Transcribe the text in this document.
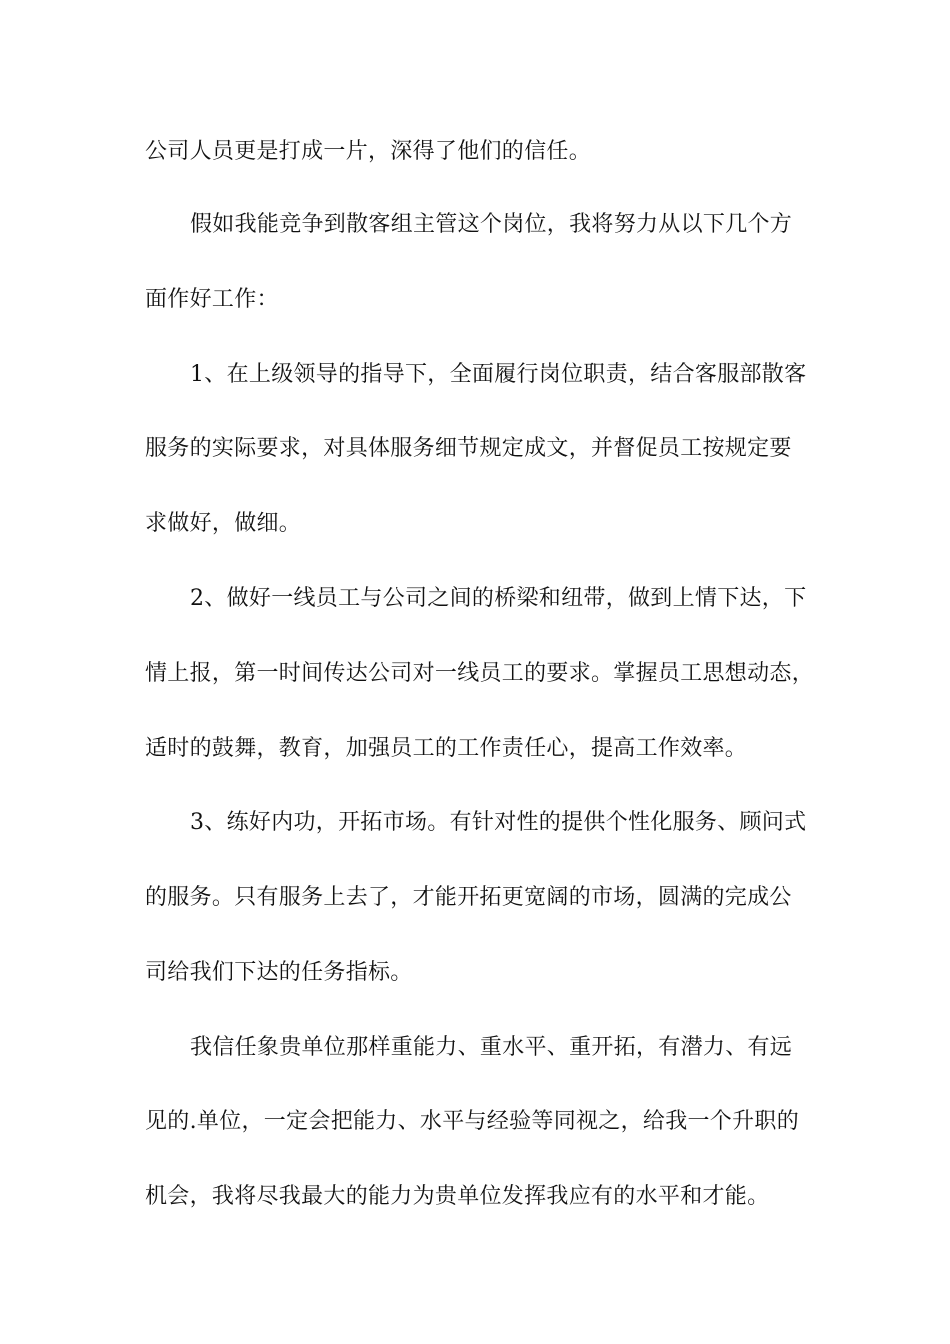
公司人员更是打成一片，深得了他们的信任。

假如我能竞争到散客组主管这个岗位，我将努力从以下几个方

面作好工作：

1、在上级领导的指导下，全面履行岗位职责，结合客服部散客

服务的实际要求，对具体服务细节规定成文，并督促员工按规定要

求做好，做细。

2、做好一线员工与公司之间的桥梁和纽带，做到上情下达，下

情上报，第一时间传达公司对一线员工的要求。掌握员工思想动态，

适时的鼓舞，教育，加强员工的工作责任心，提高工作效率。

3、练好内功，开拓市场。有针对性的提供个性化服务、顾问式

的服务。只有服务上去了，才能开拓更宽阔的市场，圆满的完成公

司给我们下达的任务指标。

我信任象贵单位那样重能力、重水平、重开拓，有潜力、有远

见的.单位，一定会把能力、水平与经验等同视之，给我一个升职的

机会，我将尽我最大的能力为贵单位发挥我应有的水平和才能。
